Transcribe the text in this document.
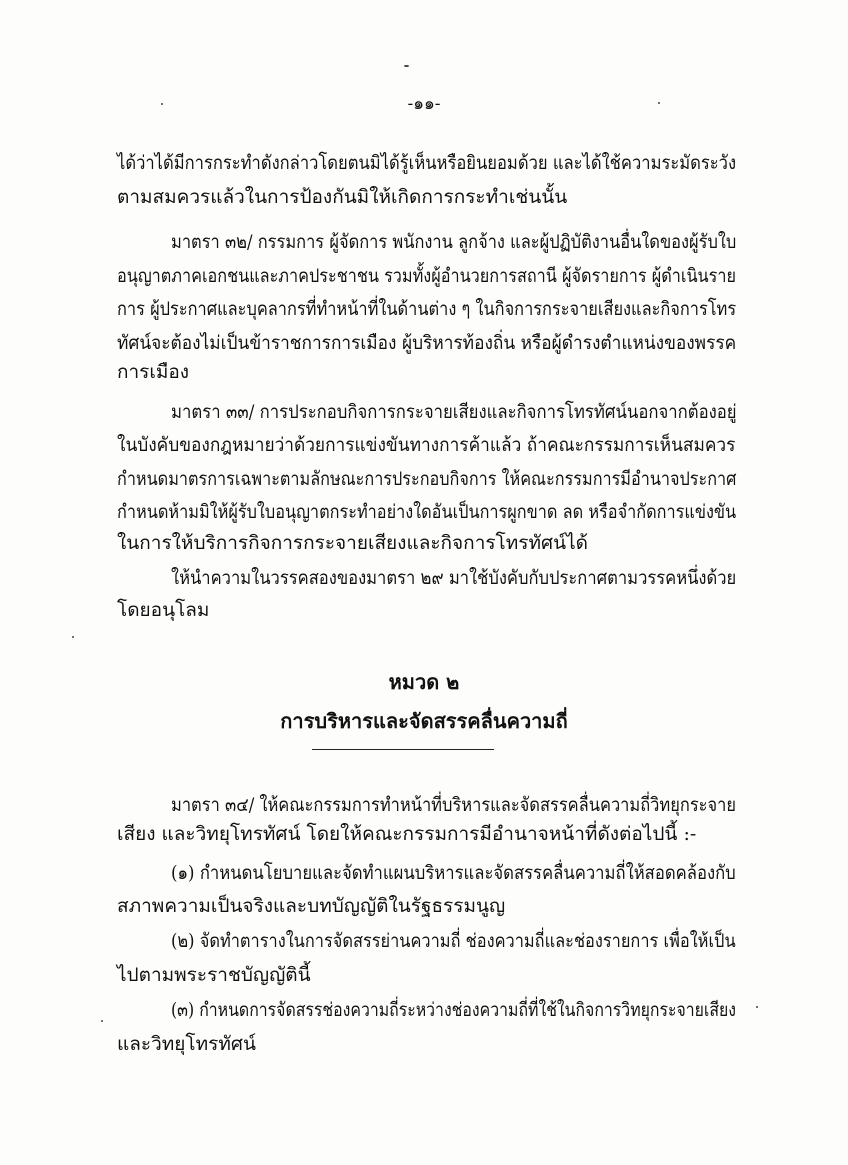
-๑๑-
ได้ว่าได้มีการกระทำดังกล่าวโดยตนมิได้รู้เห็นหรือยินยอมด้วย และได้ใช้ความระมัดระวัง
ตามสมควรแล้วในการป้องกันมิให้เกิดการกระทำเช่นนั้น
มาตรา ๓๒/ กรรมการ ผู้จัดการ พนักงาน ลูกจ้าง และผู้ปฏิบัติงานอื่นใดของผู้รับใบ
อนุญาตภาคเอกชนและภาคประชาชน รวมทั้งผู้อำนวยการสถานี ผู้จัดรายการ ผู้ดำเนินราย
การ ผู้ประกาศและบุคลากรที่ทำหน้าที่ในด้านต่าง ๆ ในกิจการกระจายเสียงและกิจการโทร
ทัศน์จะต้องไม่เป็นข้าราชการการเมือง ผู้บริหารท้องถิ่น หรือผู้ดำรงตำแหน่งของพรรค
การเมือง
มาตรา ๓๓/ การประกอบกิจการกระจายเสียงและกิจการโทรทัศน์นอกจากต้องอยู่
ในบังคับของกฎหมายว่าด้วยการแข่งขันทางการค้าแล้ว ถ้าคณะกรรมการเห็นสมควร
กำหนดมาตรการเฉพาะตามลักษณะการประกอบกิจการ ให้คณะกรรมการมีอำนาจประกาศ
กำหนดห้ามมิให้ผู้รับใบอนุญาตกระทำอย่างใดอันเป็นการผูกขาด ลด หรือจำกัดการแข่งขัน
ในการให้บริการกิจการกระจายเสียงและกิจการโทรทัศน์ได้
ให้นำความในวรรคสองของมาตรา ๒๙ มาใช้บังคับกับประกาศตามวรรคหนึ่งด้วย
โดยอนุโลม
หมวด ๒
การบริหารและจัดสรรคลื่นความถี่
มาตรา ๓๔/ ให้คณะกรรมการทำหน้าที่บริหารและจัดสรรคลื่นความถี่วิทยุกระจาย
เสียง และวิทยุโทรทัศน์ โดยให้คณะกรรมการมีอำนาจหน้าที่ดังต่อไปนี้ :-
(๑) กำหนดนโยบายและจัดทำแผนบริหารและจัดสรรคลื่นความถี่ให้สอดคล้องกับ
สภาพความเป็นจริงและบทบัญญัติในรัฐธรรมนูญ
(๒) จัดทำตารางในการจัดสรรย่านความถี่ ช่องความถี่และช่องรายการ เพื่อให้เป็น
ไปตามพระราชบัญญัตินี้
(๓) กำหนดการจัดสรรช่องความถี่ระหว่างช่องความถี่ที่ใช้ในกิจการวิทยุกระจายเสียง
และวิทยุโทรทัศน์
